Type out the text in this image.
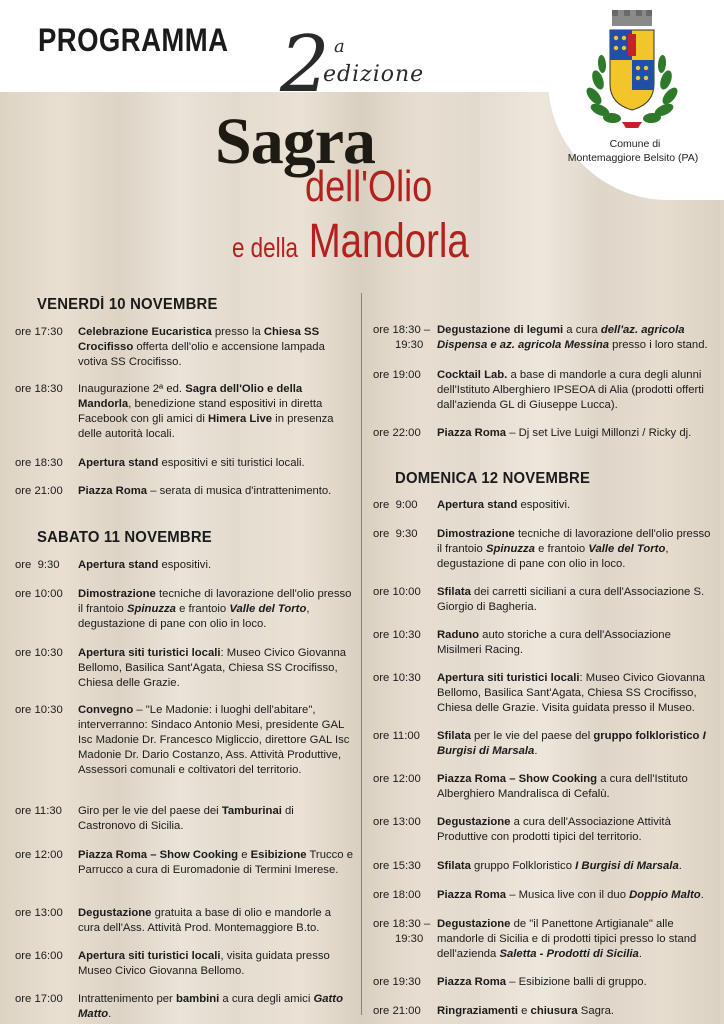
PROGRAMMA 2 a
edizione
Sagra
dell'Olio
e della Mandorla
Comune di
Montemaggiore Belsito (PA)
VENERDÌ 10 NOVEMBRE
ore 17:30 Celebrazione Eucaristica presso la Chiesa SS Crocifisso offerta dell'olio e accensione lampada votiva SS Crocifisso.
ore 18:30 Inaugurazione 2ª ed. Sagra dell'Olio e della Mandorla, benedizione stand espositivi in diretta Facebook con gli amici di Himera Live in presenza delle autorità locali.
ore 18:30 Apertura stand espositivi e siti turistici locali.
ore 21:00 Piazza Roma – serata di musica d'intrattenimento.
SABATO 11 NOVEMBRE
ore  9:30 Apertura stand espositivi.
ore 10:00 Dimostrazione tecniche di lavorazione dell'olio presso il frantoio Spinuzza e frantoio Valle del Torto, degustazione di pane con olio in loco.
ore 10:30 Apertura siti turistici locali: Museo Civico Giovanna Bellomo, Basilica Sant'Agata, Chiesa SS Crocifisso, Chiesa delle Grazie.
ore 10:30 Convegno – "Le Madonie: i luoghi dell'abitare", interverranno: Sindaco Antonio Mesi, presidente GAL Isc Madonie Dr. Francesco Migliccio, direttore GAL Isc Madonie Dr. Dario Costanzo, Ass. Attività Produttive, Assessori comunali e coltivatori del territorio.
ore 11:30 Giro per le vie del paese dei Tamburinai di Castronovo di Sicilia.
ore 12:00 Piazza Roma – Show Cooking e Esibizione Trucco e Parrucco a cura di Euromadonie di Termini Imerese.
ore 13:00 Degustazione gratuita a base di olio e mandorle a cura dell'Ass. Attività Prod. Montemaggiore B.to.
ore 16:00 Apertura siti turistici locali, visita guidata presso Museo Civico Giovanna Bellomo.
ore 17:00 Intrattenimento per bambini a cura degli amici Gatto Matto.
ore 18:30 –
19:30
Degustazione di legumi a cura dell'az. agricola Dispensa e az. agricola Messina presso i loro stand.
ore 19:00 Cocktail Lab. a base di mandorle a cura degli alunni dell'Istituto Alberghiero IPSEOA di Alia (prodotti offerti dall'azienda GL di Giuseppe Lucca).
ore 22:00 Piazza Roma – Dj set Live Luigi Millonzi / Ricky dj.
DOMENICA 12 NOVEMBRE
ore  9:00 Apertura stand espositivi.
ore  9:30 Dimostrazione tecniche di lavorazione dell'olio presso il frantoio Spinuzza e frantoio Valle del Torto, degustazione di pane con olio in loco.
ore 10:00 Sfilata dei carretti siciliani a cura dell'Associazione S. Giorgio di Bagheria.
ore 10:30 Raduno auto storiche a cura dell'Associazione Misilmeri Racing.
ore 10:30 Apertura siti turistici locali: Museo Civico Giovanna Bellomo, Basilica Sant'Agata, Chiesa SS Crocifisso, Chiesa delle Grazie. Visita guidata presso il Museo.
ore 11:00 Sfilata per le vie del paese del gruppo folkloristico I Burgisi di Marsala.
ore 12:00 Piazza Roma – Show Cooking a cura dell'Istituto Alberghiero Mandralisca di Cefalù.
ore 13:00 Degustazione a cura dell'Associazione Attività Produttive con prodotti tipici del territorio.
ore 15:30 Sfilata gruppo Folkloristico I Burgisi di Marsala.
ore 18:00 Piazza Roma – Musica live con il duo Doppio Malto.
ore 18:30 –
19:30
Degustazione de "il Panettone Artigianale" alle mandorle di Sicilia e di prodotti tipici presso lo stand dell'azienda Saletta - Prodotti di Sicilia.
ore 19:30 Piazza Roma – Esibizione balli di gruppo.
ore 21:00 Ringraziamenti e chiusura Sagra.
